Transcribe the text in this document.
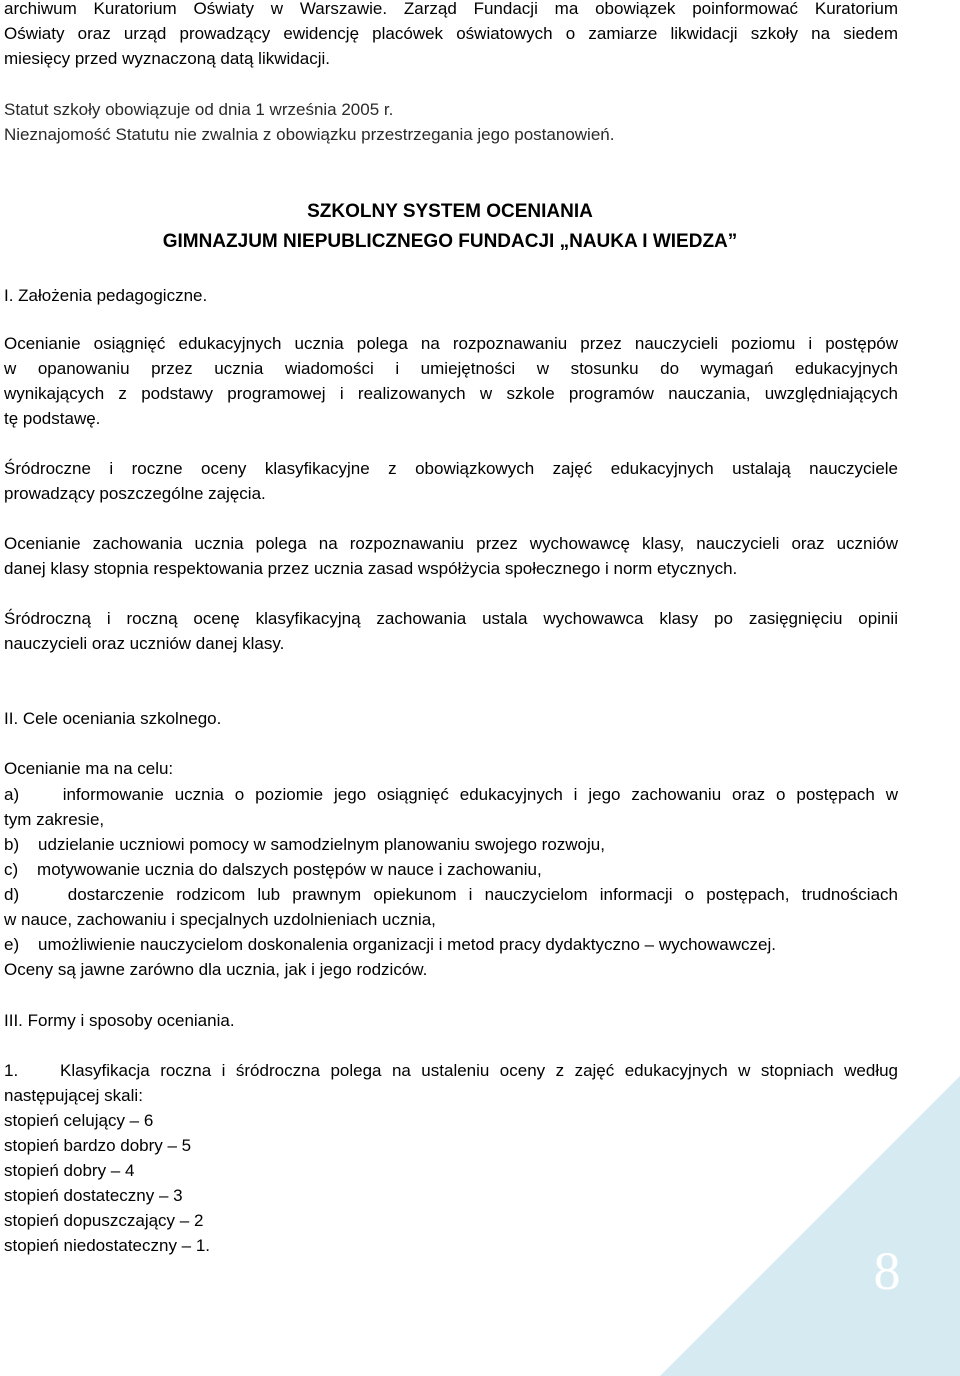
archiwum Kuratorium Oświaty w Warszawie. Zarząd Fundacji ma obowiązek poinformować Kuratorium
Oświaty oraz urząd prowadzący ewidencję placówek oświatowych o zamiarze likwidacji szkoły na siedem
miesięcy przed wyznaczoną datą likwidacji.
Statut szkoły obowiązuje od dnia 1 września 2005 r.
Nieznajomość Statutu nie zwalnia z obowiązku przestrzegania jego postanowień.
SZKOLNY SYSTEM OCENIANIA
GIMNAZJUM NIEPUBLICZNEGO FUNDACJI „NAUKA I WIEDZA”
I. Założenia pedagogiczne.
Ocenianie osiągnięć edukacyjnych ucznia polega na rozpoznawaniu przez nauczycieli poziomu i postępów
w opanowaniu przez ucznia wiadomości i umiejętności w stosunku do wymagań edukacyjnych
wynikających z podstawy programowej i realizowanych w szkole programów nauczania, uwzględniających
tę podstawę.
Śródroczne i roczne oceny klasyfikacyjne z obowiązkowych zajęć edukacyjnych ustalają nauczyciele
prowadzący poszczególne zajęcia.
Ocenianie zachowania ucznia polega na rozpoznawaniu przez wychowawcę klasy, nauczycieli oraz uczniów
danej klasy stopnia respektowania przez ucznia zasad współżycia społecznego i norm etycznych.
Śródroczną i roczną ocenę klasyfikacyjną zachowania ustala wychowawca klasy po zasięgnięciu opinii
nauczycieli oraz uczniów danej klasy.
II. Cele oceniania szkolnego.
Ocenianie ma na celu:
a)    informowanie ucznia o poziomie jego osiągnięć edukacyjnych i jego zachowaniu oraz o postępach w
tym zakresie,
b)    udzielanie uczniowi pomocy w samodzielnym planowaniu swojego rozwoju,
c)    motywowanie ucznia do dalszych postępów w nauce i zachowaniu,
d)    dostarczenie rodzicom lub prawnym opiekunom i nauczycielom informacji o postępach, trudnościach
w nauce, zachowaniu i specjalnych uzdolnieniach ucznia,
e)    umożliwienie nauczycielom doskonalenia organizacji i metod pracy dydaktyczno – wychowawczej.
Oceny są jawne zarówno dla ucznia, jak i jego rodziców.
III. Formy i sposoby oceniania.
1.    Klasyfikacja roczna i śródroczna polega na ustaleniu oceny z zajęć edukacyjnych w stopniach według
następującej skali:
stopień celujący – 6
stopień bardzo dobry – 5
stopień dobry – 4
stopień dostateczny – 3
stopień dopuszczający – 2
stopień niedostateczny – 1.	8
